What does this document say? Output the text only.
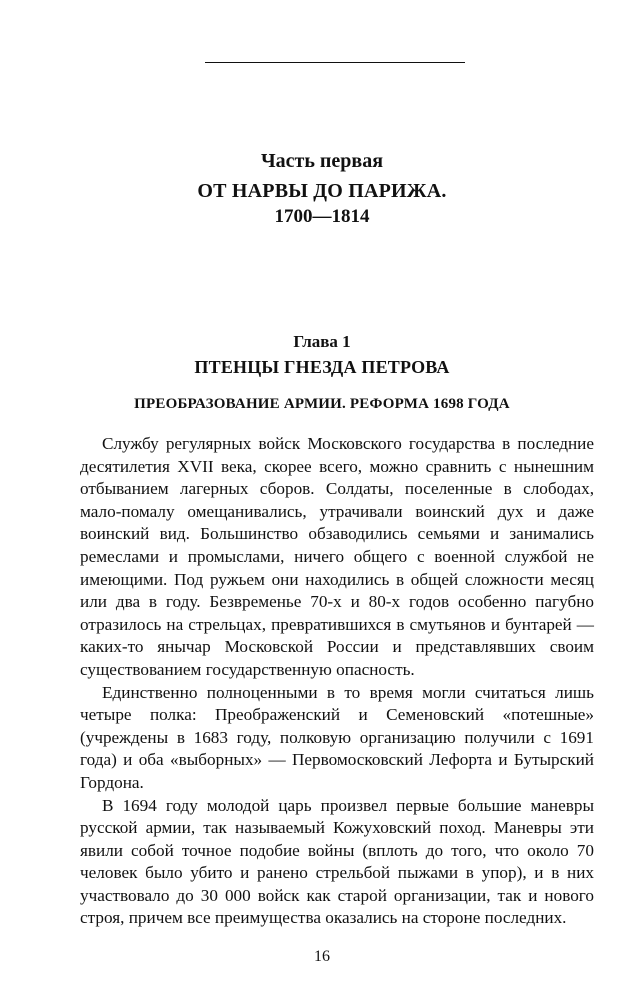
Часть первая
ОТ НАРВЫ ДО ПАРИЖА.
1700—1814
Глава 1
ПТЕНЦЫ ГНЕЗДА ПЕТРОВА
ПРЕОБРАЗОВАНИЕ АРМИИ. РЕФОРМА 1698 ГОДА

Службу регулярных войск Московского государства в последние десятилетия XVII века, скорее всего, можно сравнить с нынешним отбыванием лагерных сборов. Солдаты, поселенные в слободах, мало-помалу омещанивались, утрачивали воинский дух и даже воинский вид. Большинство обзаводились семьями и занимались ремеслами и промыслами, ничего общего с военной службой не имеющими. Под ружьем они находились в общей сложности месяц или два в году. Безвременье 70-х и 80-х годов особенно пагубно отразилось на стрельцах, превратившихся в смутьянов и бунтарей — каких-то янычар Московской России и представлявших своим существованием государственную опасность.

Единственно полноценными в то время могли считаться лишь четыре полка: Преображенский и Семеновский «потешные» (учреждены в 1683 году, полковую организацию получили с 1691 года) и оба «выборных» — Первомосковский Лефорта и Бутырский Гордона.

В 1694 году молодой царь произвел первые большие маневры русской армии, так называемый Кожуховский поход. Маневры эти явили собой точное подобие войны (вплоть до того, что около 70 человек было убито и ранено стрельбой пыжами в упор), и в них участвовало до 30 000 войск как старой организации, так и нового строя, причем все преимущества оказались на стороне последних.

16
